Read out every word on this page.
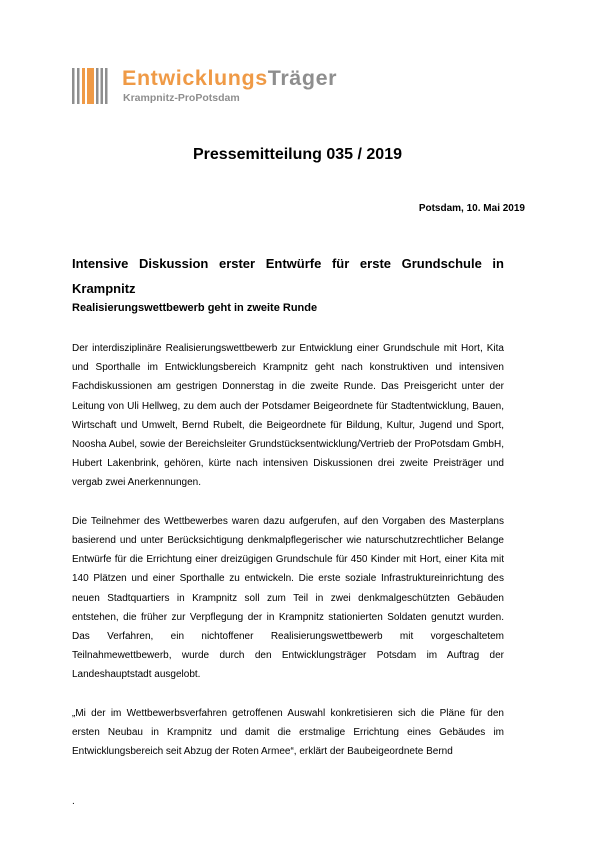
EntwicklungsTräger
Krampnitz-ProPotsdam
Pressemitteilung 035 / 2019
Potsdam, 10. Mai 2019
Intensive Diskussion erster Entwürfe für erste Grundschule in Krampnitz
Realisierungswettbewerb geht in zweite Runde

Der interdisziplinäre Realisierungswettbewerb zur Entwicklung einer Grundschule mit Hort, Kita und Sporthalle im Entwicklungsbereich Krampnitz geht nach konstruktiven und intensiven Fachdiskussionen am gestrigen Donnerstag in die zweite Runde. Das Preisgericht unter der Leitung von Uli Hellweg, zu dem auch der Potsdamer Beigeordnete für Stadtentwicklung, Bauen, Wirtschaft und Umwelt, Bernd Rubelt, die Beigeordnete für Bildung, Kultur, Jugend und Sport, Noosha Aubel, sowie der Bereichsleiter Grundstücksentwicklung/Vertrieb der ProPotsdam GmbH, Hubert Lakenbrink, gehören, kürte nach intensiven Diskussionen drei zweite Preisträger und vergab zwei Anerkennungen.

Die Teilnehmer des Wettbewerbes waren dazu aufgerufen, auf den Vorgaben des Masterplans basierend und unter Berücksichtigung denkmalpflegerischer wie naturschutzrechtlicher Belange Entwürfe für die Errichtung einer dreizügigen Grundschule für 450 Kinder mit Hort, einer Kita mit 140 Plätzen und einer Sporthalle zu entwickeln. Die erste soziale Infrastruktureinrichtung des neuen Stadtquartiers in Krampnitz soll zum Teil in zwei denkmalgeschützten Gebäuden entstehen, die früher zur Verpflegung der in Krampnitz stationierten Soldaten genutzt wurden. Das Verfahren, ein nichtoffener Realisierungswettbewerb mit vorgeschaltetem Teilnahmewettbewerb, wurde durch den Entwicklungsträger Potsdam im Auftrag der Landeshauptstadt ausgelobt.

„Mi der im Wettbewerbsverfahren getroffenen Auswahl konkretisieren sich die Pläne für den ersten Neubau in Krampnitz und damit die erstmalige Errichtung eines Gebäudes im Entwicklungsbereich seit Abzug der Roten Armee“, erklärt der Baubeigeordnete Bernd

.
